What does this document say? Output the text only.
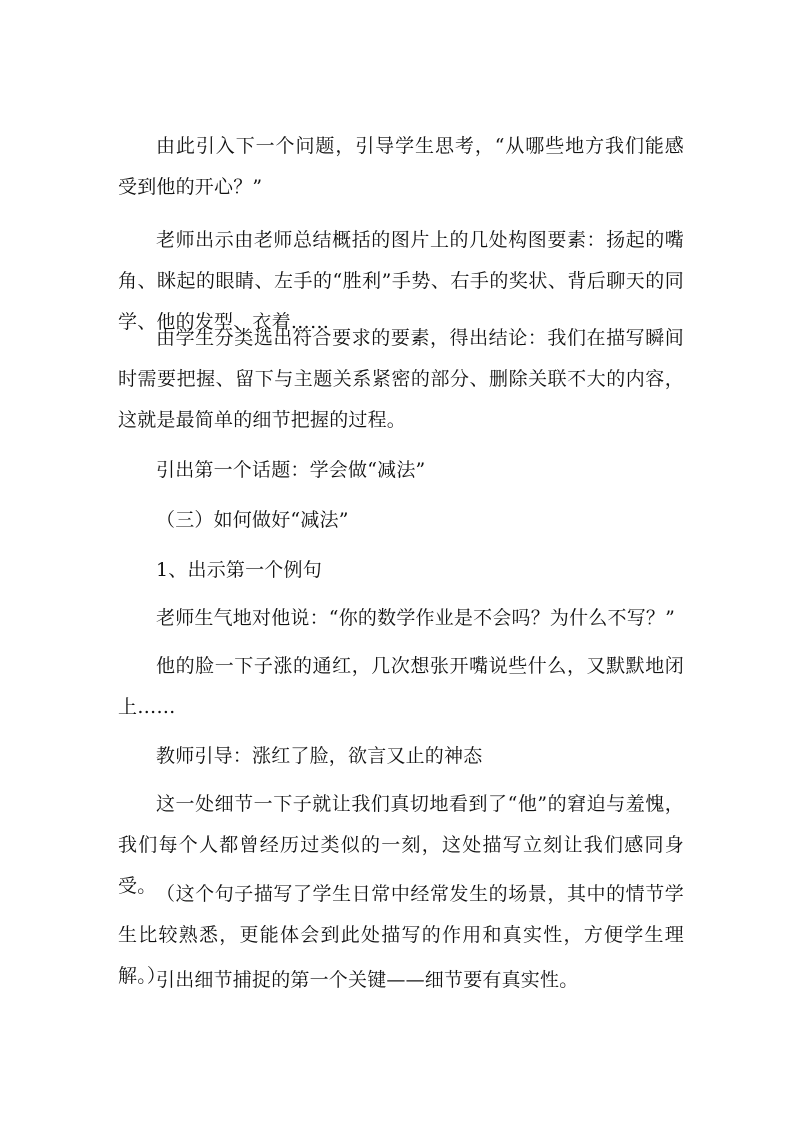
由此引入下一个问题，引导学生思考，“从哪些地方我们能感受到他的开心？”

老师出示由老师总结概括的图片上的几处构图要素：扬起的嘴角、眯起的眼睛、左手的“胜利”手势、右手的奖状、背后聊天的同学、他的发型、衣着……

由学生分类选出符合要求的要素，得出结论：我们在描写瞬间时需要把握、留下与主题关系紧密的部分、删除关联不大的内容，这就是最简单的细节把握的过程。

引出第一个话题：学会做“减法”

（三）如何做好“减法”

1、出示第一个例句

老师生气地对他说：“你的数学作业是不会吗？为什么不写？”

他的脸一下子涨的通红，几次想张开嘴说些什么，又默默地闭上……

教师引导：涨红了脸，欲言又止的神态

这一处细节一下子就让我们真切地看到了“他”的窘迫与羞愧，我们每个人都曾经历过类似的一刻，这处描写立刻让我们感同身受。 （这个句子描写了学生日常中经常发生的场景，其中的情节学生比较熟悉，更能体会到此处描写的作用和真实性，方便学生理解。）

引出细节捕捉的第一个关键——细节要有真实性。
